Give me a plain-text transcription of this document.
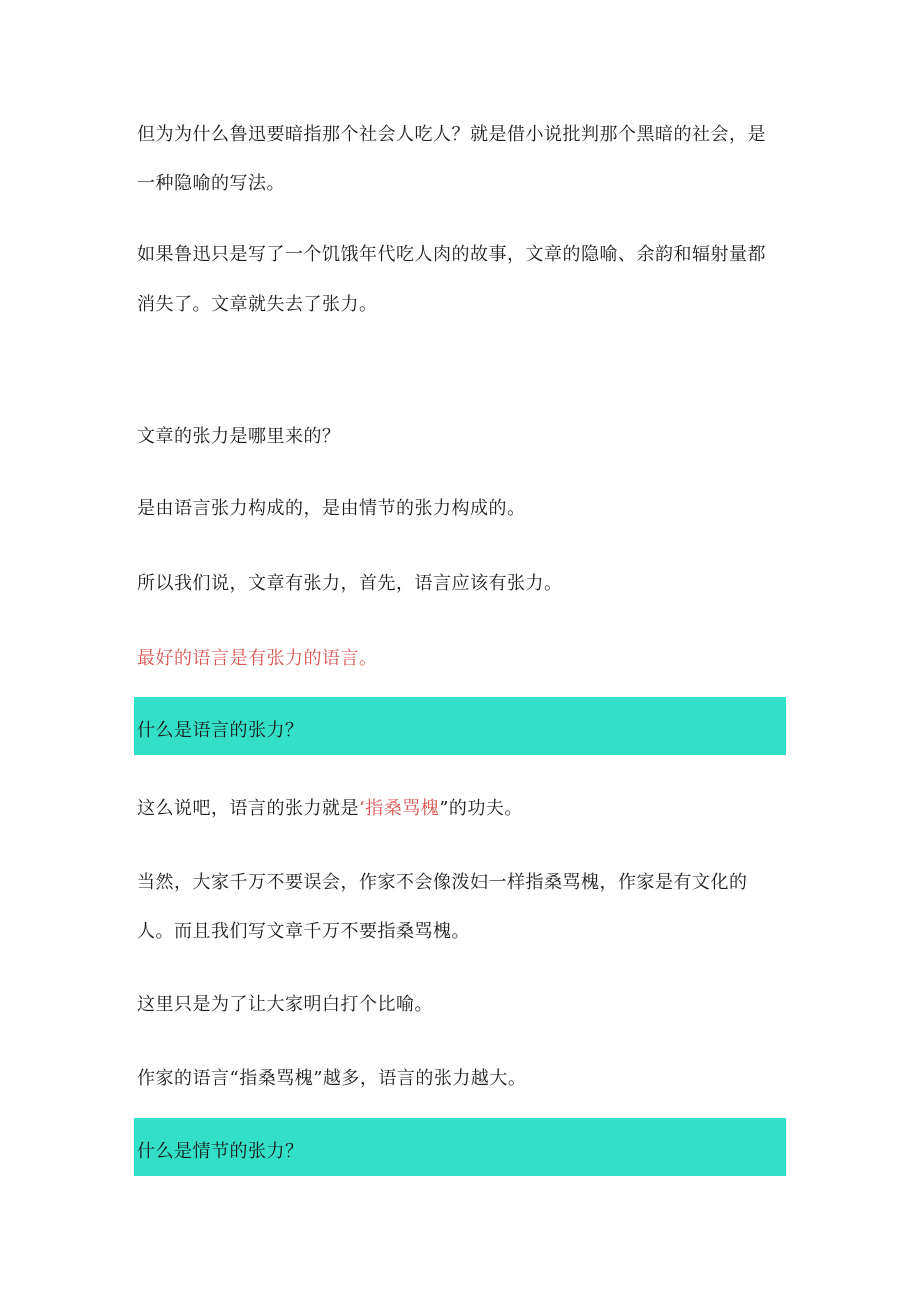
但为为什么鲁迅要暗指那个社会人吃人？就是借小说批判那个黑暗的社会，是
一种隐喻的写法。
如果鲁迅只是写了一个饥饿年代吃人肉的故事，文章的隐喻、余韵和辐射量都
消失了。文章就失去了张力。
文章的张力是哪里来的？
是由语言张力构成的，是由情节的张力构成的。
所以我们说，文章有张力，首先，语言应该有张力。
最好的语言是有张力的语言。
什么是语言的张力？
这么说吧，语言的张力就是‘指桑骂槐”的功夫。
当然，大家千万不要误会，作家不会像泼妇一样指桑骂槐，作家是有文化的
人。而且我们写文章千万不要指桑骂槐。
这里只是为了让大家明白打个比喻。
作家的语言“指桑骂槐”越多，语言的张力越大。
什么是情节的张力？
